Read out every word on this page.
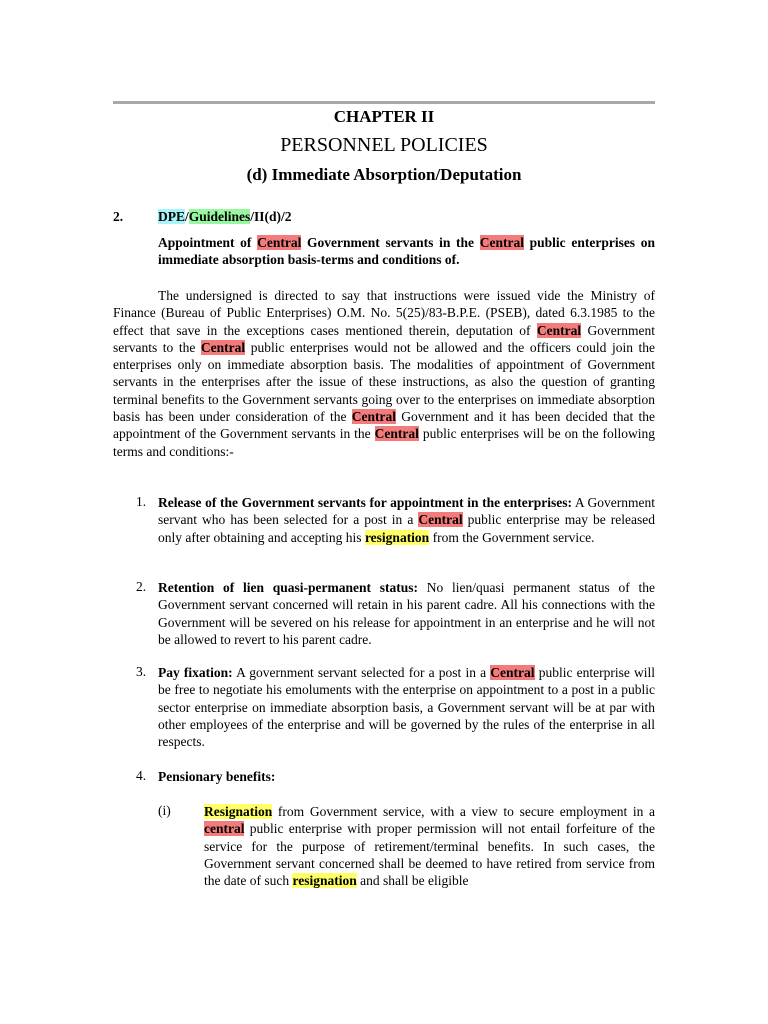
CHAPTER II
PERSONNEL POLICIES
(d) Immediate Absorption/Deputation
2.	DPE/Guidelines/II(d)/2

Appointment of Central Government servants in the Central public enterprises on immediate absorption basis-terms and conditions of.

The undersigned is directed to say that instructions were issued vide the Ministry of Finance (Bureau of Public Enterprises) O.M. No. 5(25)/83-B.P.E. (PSEB), dated 6.3.1985 to the effect that save in the exceptions cases mentioned therein, deputation of Central Government servants to the Central public enterprises would not be allowed and the officers could join the enterprises only on immediate absorption basis. The modalities of appointment of Government servants in the enterprises after the issue of these instructions, as also the question of granting terminal benefits to the Government servants going over to the enterprises on immediate absorption basis has been under consideration of the Central Government and it has been decided that the appointment of the Government servants in the Central public enterprises will be on the following terms and conditions:-

1. Release of the Government servants for appointment in the enterprises: A Government servant who has been selected for a post in a Central public enterprise may be released only after obtaining and accepting his resignation from the Government service.

2. Retention of lien quasi-permanent status: No lien/quasi permanent status of the Government servant concerned will retain in his parent cadre. All his connections with the Government will be severed on his release for appointment in an enterprise and he will not be allowed to revert to his parent cadre.

3. Pay fixation: A government servant selected for a post in a Central public enterprise will be free to negotiate his emoluments with the enterprise on appointment to a post in a public sector enterprise on immediate absorption basis, a Government servant will be at par with other employees of the enterprise and will be governed by the rules of the enterprise in all respects.

4. Pensionary benefits:

(i) Resignation from Government service, with a view to secure employment in a central public enterprise with proper permission will not entail forfeiture of the service for the purpose of retirement/terminal benefits. In such cases, the Government servant concerned shall be deemed to have retired from service from the date of such resignation and shall be eligible
